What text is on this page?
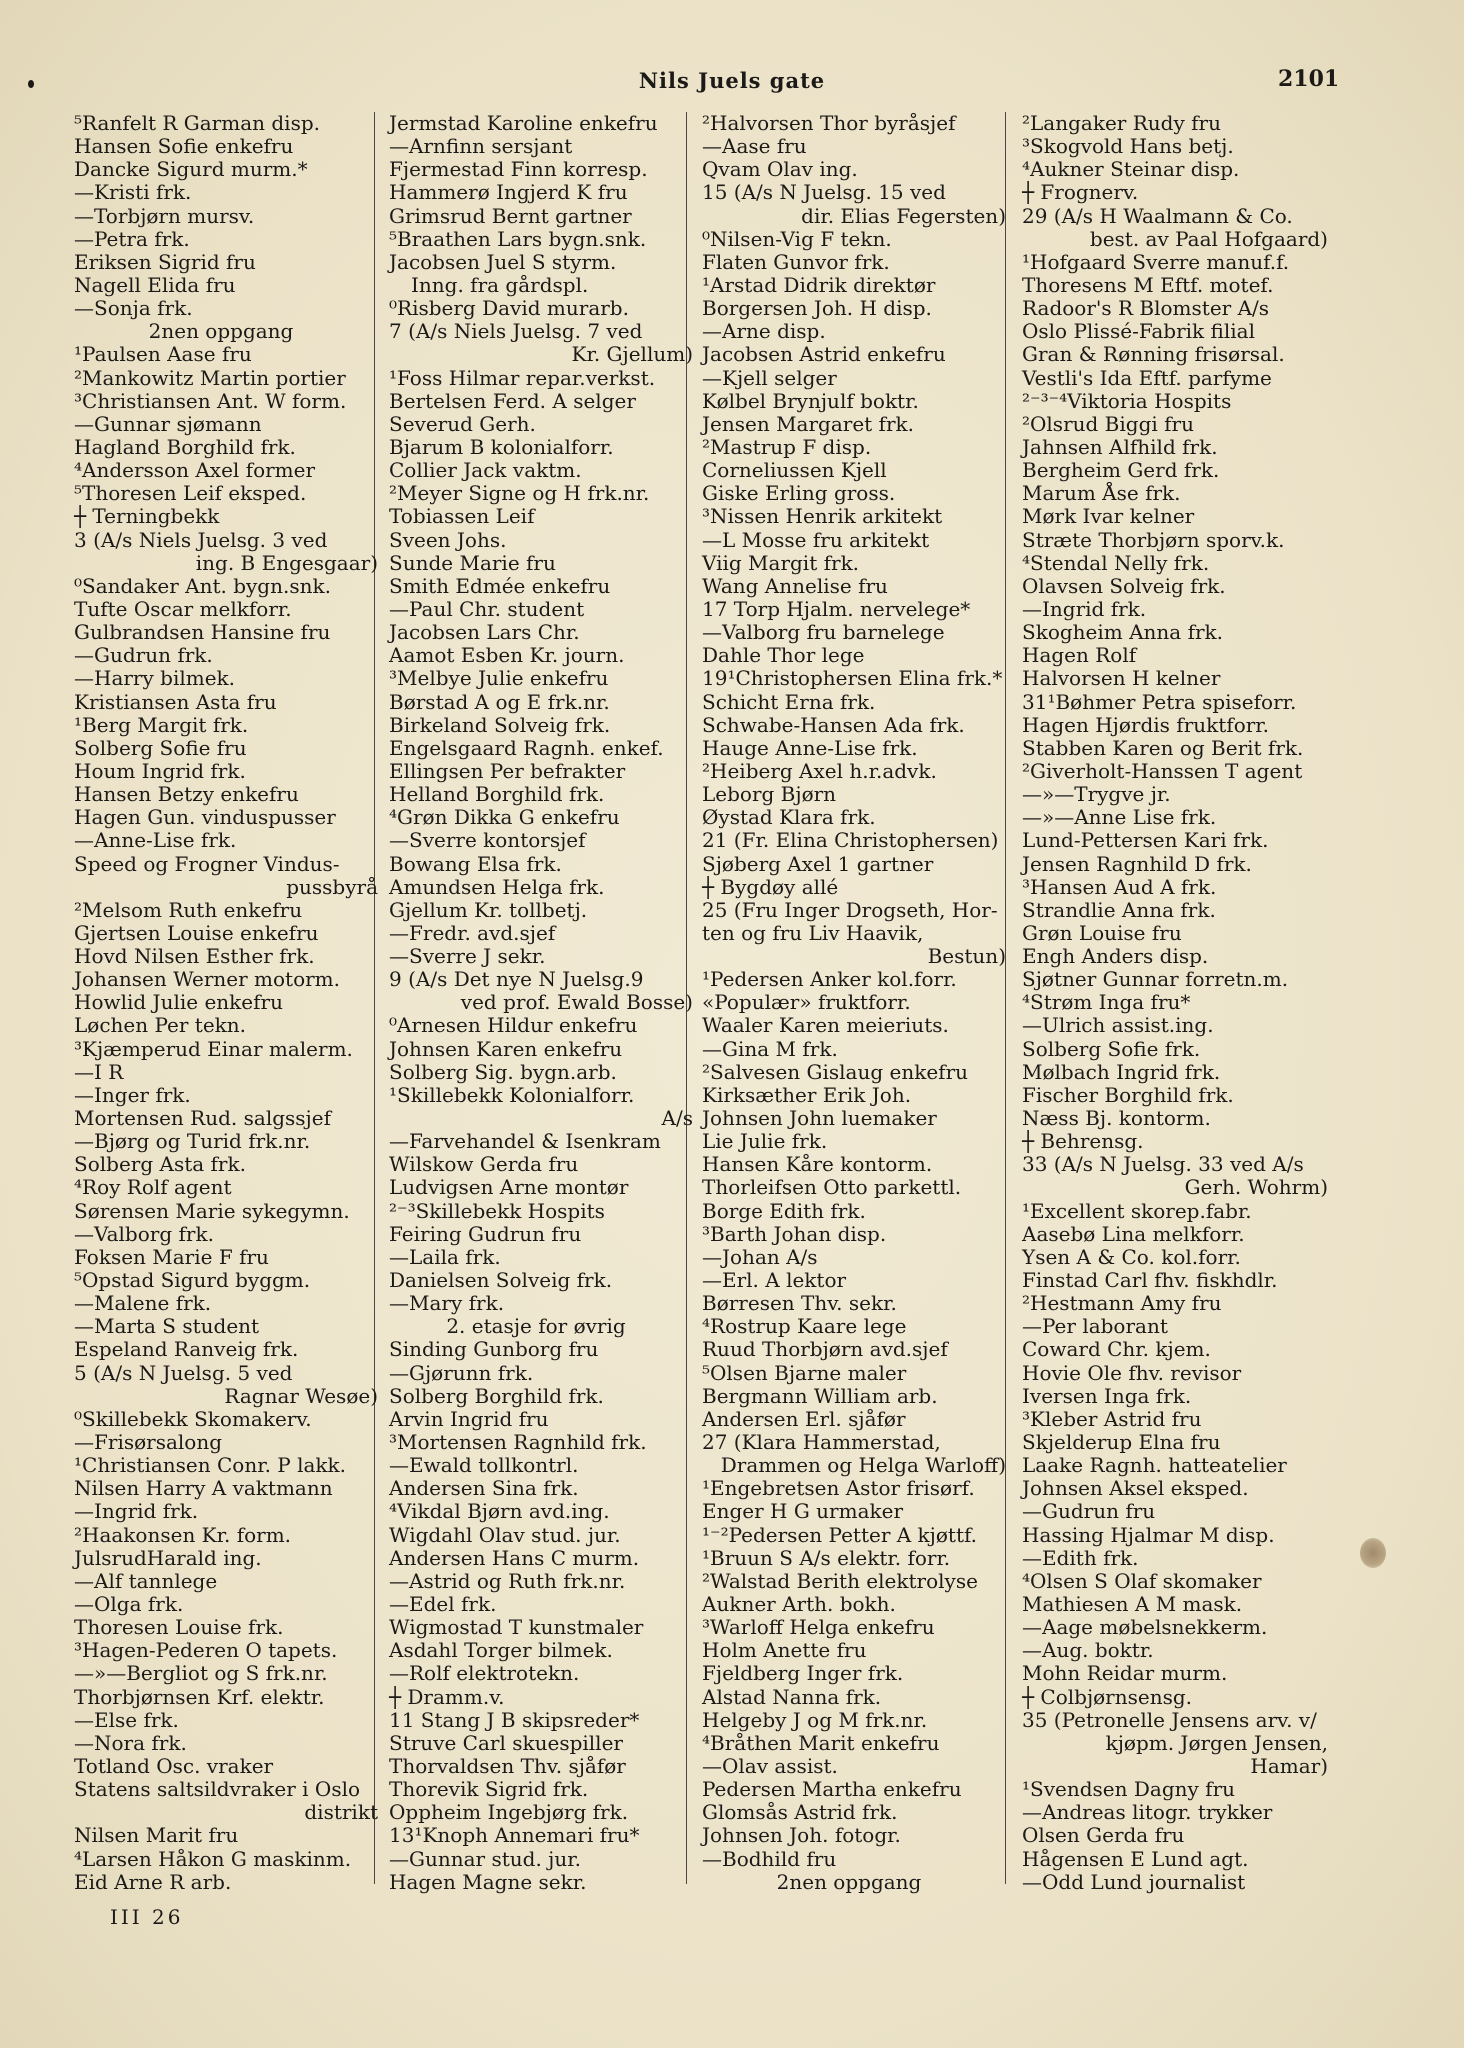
Nils Juels gate	2101
⁵Ranfelt R Garman disp.
Hansen Sofie enkefru
Dancke Sigurd murm.*
—Kristi frk.
—Torbjørn mursv.
—Petra frk.
Eriksen Sigrid fru
Nagell Elida fru
—Sonja frk.
2nen oppgang
¹Paulsen Aase fru
²Mankowitz Martin portier
³Christiansen Ant. W form.
—Gunnar sjømann
Hagland Borghild frk.
⁴Andersson Axel former
⁵Thoresen Leif eksped.
┼ Terningbekk
3 (A/s Niels Juelsg. 3 ved
ing. B Engesgaar)
⁰Sandaker Ant. bygn.snk.
Tufte Oscar melkforr.
Gulbrandsen Hansine fru
—Gudrun frk.
—Harry bilmek.
Kristiansen Asta fru
¹Berg Margit frk.
Solberg Sofie fru
Houm Ingrid frk.
Hansen Betzy enkefru
Hagen Gun. vinduspusser
—Anne-Lise frk.
Speed og Frogner Vindus-
pussbyrå
²Melsom Ruth enkefru
Gjertsen Louise enkefru
Hovd Nilsen Esther frk.
Johansen Werner motorm.
Howlid Julie enkefru
Løchen Per tekn.
³Kjæmperud Einar malerm.
—I R
—Inger frk.
Mortensen Rud. salgssjef
—Bjørg og Turid frk.nr.
Solberg Asta frk.
⁴Roy Rolf agent
Sørensen Marie sykegymn.
—Valborg frk.
Foksen Marie F fru
⁵Opstad Sigurd byggm.
—Malene frk.
—Marta S student
Espeland Ranveig frk.
5 (A/s N Juelsg. 5 ved
Ragnar Wesøe)
⁰Skillebekk Skomakerv.
—Frisørsalong
¹Christiansen Conr. P lakk.
Nilsen Harry A vaktmann
—Ingrid frk.
²Haakonsen Kr. form.
JulsrudHarald ing.
—Alf tannlege
—Olga frk.
Thoresen Louise frk.
³Hagen-Pederen O tapets.
—»—Bergliot og S frk.nr.
Thorbjørnsen Krf. elektr.
—Else frk.
—Nora frk.
Totland Osc. vraker
Statens saltsildvraker i Oslo
distrikt
Nilsen Marit fru
⁴Larsen Håkon G maskinm.
Eid Arne R arb.
Jermstad Karoline enkefru
—Arnfinn sersjant
Fjermestad Finn korresp.
Hammerø Ingjerd K fru
Grimsrud Bernt gartner
⁵Braathen Lars bygn.snk.
Jacobsen Juel S styrm.
Inng. fra gårdspl.
⁰Risberg David murarb.
7 (A/s Niels Juelsg. 7 ved
Kr. Gjellum)
¹Foss Hilmar repar.verkst.
Bertelsen Ferd. A selger
Severud Gerh.
Bjarum B kolonialforr.
Collier Jack vaktm.
²Meyer Signe og H frk.nr.
Tobiassen Leif
Sveen Johs.
Sunde Marie fru
Smith Edmée enkefru
—Paul Chr. student
Jacobsen Lars Chr.
Aamot Esben Kr. journ.
³Melbye Julie enkefru
Børstad A og E frk.nr.
Birkeland Solveig frk.
Engelsgaard Ragnh. enkef.
Ellingsen Per befrakter
Helland Borghild frk.
⁴Grøn Dikka G enkefru
—Sverre kontorsjef
Bowang Elsa frk.
Amundsen Helga frk.
Gjellum Kr. tollbetj.
—Fredr. avd.sjef
—Sverre J sekr.
9 (A/s Det nye N Juelsg.9
ved prof. Ewald Bosse)
⁰Arnesen Hildur enkefru
Johnsen Karen enkefru
Solberg Sig. bygn.arb.
¹Skillebekk Kolonialforr.
A/s
—Farvehandel & Isenkram
Wilskow Gerda fru
Ludvigsen Arne montør
²⁻³Skillebekk Hospits
Feiring Gudrun fru
—Laila frk.
Danielsen Solveig frk.
—Mary frk.
2. etasje for øvrig
Sinding Gunborg fru
—Gjørunn frk.
Solberg Borghild frk.
Arvin Ingrid fru
³Mortensen Ragnhild frk.
—Ewald tollkontrl.
Andersen Sina frk.
⁴Vikdal Bjørn avd.ing.
Wigdahl Olav stud. jur.
Andersen Hans C murm.
—Astrid og Ruth frk.nr.
—Edel frk.
Wigmostad T kunstmaler
Asdahl Torger bilmek.
—Rolf elektrotekn.
┼ Dramm.v.
11 Stang J B skipsreder*
Struve Carl skuespiller
Thorvaldsen Thv. sjåfør
Thorevik Sigrid frk.
Oppheim Ingebjørg frk.
13¹Knoph Annemari fru*
—Gunnar stud. jur.
Hagen Magne sekr.
²Halvorsen Thor byråsjef
—Aase fru
Qvam Olav ing.
15 (A/s N Juelsg. 15 ved
dir. Elias Fegersten)
⁰Nilsen-Vig F tekn.
Flaten Gunvor frk.
¹Arstad Didrik direktør
Borgersen Joh. H disp.
—Arne disp.
Jacobsen Astrid enkefru
—Kjell selger
Kølbel Brynjulf boktr.
Jensen Margaret frk.
²Mastrup F disp.
Corneliussen Kjell
Giske Erling gross.
³Nissen Henrik arkitekt
—L Mosse fru arkitekt
Viig Margit frk.
Wang Annelise fru
17 Torp Hjalm. nervelege*
—Valborg fru barnelege
Dahle Thor lege
19¹Christophersen Elina frk.*
Schicht Erna frk.
Schwabe-Hansen Ada frk.
Hauge Anne-Lise frk.
²Heiberg Axel h.r.advk.
Leborg Bjørn
Øystad Klara frk.
21 (Fr. Elina Christophersen)
Sjøberg Axel 1 gartner
┼ Bygdøy allé
25 (Fru Inger Drogseth, Hor-
ten og fru Liv Haavik,
Bestun)
¹Pedersen Anker kol.forr.
«Populær» fruktforr.
Waaler Karen meieriuts.
—Gina M frk.
²Salvesen Gislaug enkefru
Kirksæther Erik Joh.
Johnsen John luemaker
Lie Julie frk.
Hansen Kåre kontorm.
Thorleifsen Otto parkettl.
Borge Edith frk.
³Barth Johan disp.
—Johan A/s
—Erl. A lektor
Børresen Thv. sekr.
⁴Rostrup Kaare lege
Ruud Thorbjørn avd.sjef
⁵Olsen Bjarne maler
Bergmann William arb.
Andersen Erl. sjåfør
27 (Klara Hammerstad,
Drammen og Helga Warloff)
¹Engebretsen Astor frisørf.
Enger H G urmaker
¹⁻²Pedersen Petter A kjøttf.
¹Bruun S A/s elektr. forr.
²Walstad Berith elektrolyse
Aukner Arth. bokh.
³Warloff Helga enkefru
Holm Anette fru
Fjeldberg Inger frk.
Alstad Nanna frk.
Helgeby J og M frk.nr.
⁴Bråthen Marit enkefru
—Olav assist.
Pedersen Martha enkefru
Glomsås Astrid frk.
Johnsen Joh. fotogr.
—Bodhild fru
2nen oppgang
²Langaker Rudy fru
³Skogvold Hans betj.
⁴Aukner Steinar disp.
┼ Frognerv.
29 (A/s H Waalmann & Co.
best. av Paal Hofgaard)
¹Hofgaard Sverre manuf.f.
Thoresens M Eftf. motef.
Radoor's R Blomster A/s
Oslo Plissé-Fabrik filial
Gran & Rønning frisørsal.
Vestli's Ida Eftf. parfyme
²⁻³⁻⁴Viktoria Hospits
²Olsrud Biggi fru
Jahnsen Alfhild frk.
Bergheim Gerd frk.
Marum Åse frk.
Mørk Ivar kelner
Stræte Thorbjørn sporv.k.
⁴Stendal Nelly frk.
Olavsen Solveig frk.
—Ingrid frk.
Skogheim Anna frk.
Hagen Rolf
Halvorsen H kelner
31¹Bøhmer Petra spiseforr.
Hagen Hjørdis fruktforr.
Stabben Karen og Berit frk.
²Giverholt-Hanssen T agent
—»—Trygve jr.
—»—Anne Lise frk.
Lund-Pettersen Kari frk.
Jensen Ragnhild D frk.
³Hansen Aud A frk.
Strandlie Anna frk.
Grøn Louise fru
Engh Anders disp.
Sjøtner Gunnar forretn.m.
⁴Strøm Inga fru*
—Ulrich assist.ing.
Solberg Sofie frk.
Mølbach Ingrid frk.
Fischer Borghild frk.
Næss Bj. kontorm.
┼ Behrensg.
33 (A/s N Juelsg. 33 ved A/s
Gerh. Wohrm)
¹Excellent skorep.fabr.
Aasebø Lina melkforr.
Ysen A & Co. kol.forr.
Finstad Carl fhv. fiskhdlr.
²Hestmann Amy fru
—Per laborant
Coward Chr. kjem.
Hovie Ole fhv. revisor
Iversen Inga frk.
³Kleber Astrid fru
Skjelderup Elna fru
Laake Ragnh. hatteatelier
Johnsen Aksel eksped.
—Gudrun fru
Hassing Hjalmar M disp.
—Edith frk.
⁴Olsen S Olaf skomaker
Mathiesen A M mask.
—Aage møbelsnekkerm.
—Aug. boktr.
Mohn Reidar murm.
┼ Colbjørnsensg.
35 (Petronelle Jensens arv. v/
kjøpm. Jørgen Jensen,
Hamar)
¹Svendsen Dagny fru
—Andreas litogr. trykker
Olsen Gerda fru
Hågensen E Lund agt.
—Odd Lund journalist
III 26
